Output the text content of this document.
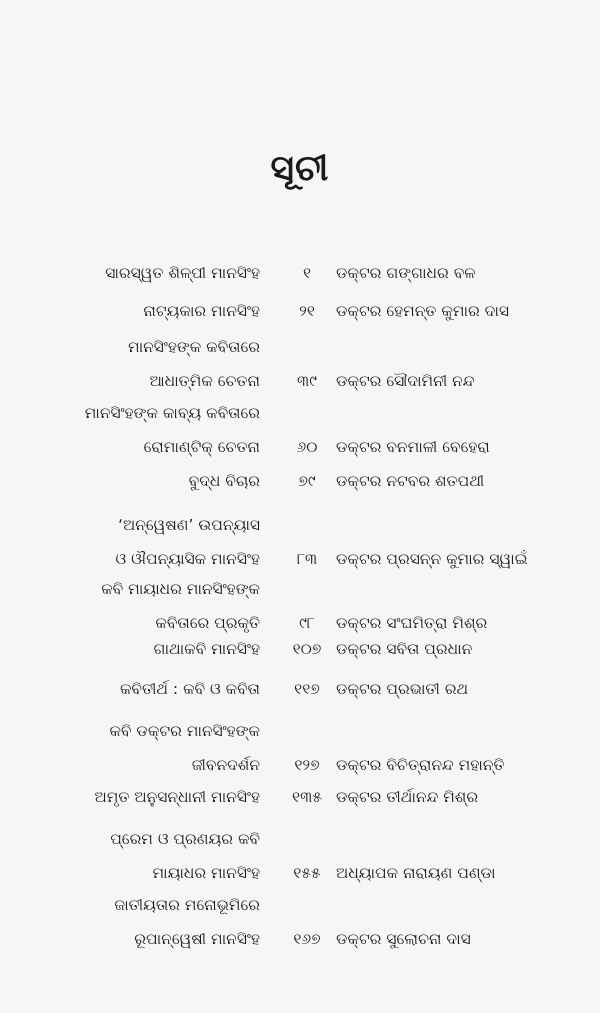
ସୂଚୀ
ସାରସ୍ୱତ ଶିଳ୍ପୀ ମାନସିଂହ	୧	ଡକ୍ଟର ଗଙ୍ଗାଧର ବଳ
ନାଟ୍ୟକାର ମାନସିଂହ	୨୧	ଡକ୍ଟର ହେମନ୍ତ କୁମାର ଦାସ
ମାନସିଂହଙ୍କ କବିତାରେ
ଆଧାତ୍ମିକ ଚେତନା	୩୯	ଡକ୍ଟର ସୌଦାମିନୀ ନନ୍ଦ
ମାନସିଂହଙ୍କ କାବ୍ୟ କବିତାରେ
ରୋମାଣ୍ଟିକ୍ ଚେତନା	୬୦	ଡକ୍ଟର ବନମାଳୀ ବେହେରା
ବୁଦ୍ଧ ବିଚାର	୭୯	ଡକ୍ଟର ନଟବର ଶତପଥୀ
‘ଅନ୍ୱେଷଣ’ ଉପନ୍ୟାସ
ଓ ଔପନ୍ୟାସିକ ମାନସିଂହ	୮୩	ଡକ୍ଟର ପ୍ରସନ୍ନ କୁମାର ସ୍ୱାଇଁ
କବି ମାୟାଧର ମାନସିଂହଙ୍କ
କବିତାରେ ପ୍ରକୃତି	୯୮	ଡକ୍ଟର ସଂଘମିତ୍ରା ମିଶ୍ର
ଗାଥାକବି ମାନସିଂହ	୧୦୭ ଡକ୍ଟର ସବିତା ପ୍ରଧାନ
କବିତୀର୍ଥ : କବି ଓ କବିତା	୧୧୭	ଡକ୍ଟର ପ୍ରଭାତୀ ରଥ
କବି ଡକ୍ଟର ମାନସିଂହଙ୍କ
ଜୀବନଦର୍ଶନ	୧୨୭	ଡକ୍ଟର ବିଚିତ୍ରାନନ୍ଦ ମହାନ୍ତି
ଅମୃତ ଅନୁସନ୍ଧାନୀ ମାନସିଂହ	୧୩୫ ଡକ୍ଟର ତୀର୍ଥାନନ୍ଦ ମିଶ୍ର
ପ୍ରେମ ଓ ପ୍ରଣୟର କବି
ମାୟାଧର ମାନସିଂହ	୧୫୫ ଅଧ୍ୟାପକ ନାରାୟଣ ପଣ୍ଡା
ଜାତୀୟତାର ମନୋଭୂମିରେ
ରୂପାନ୍ୱେଷୀ ମାନସିଂହ	୧୬୭ ଡକ୍ଟର ସୁଲୋଚନା ଦାସ
